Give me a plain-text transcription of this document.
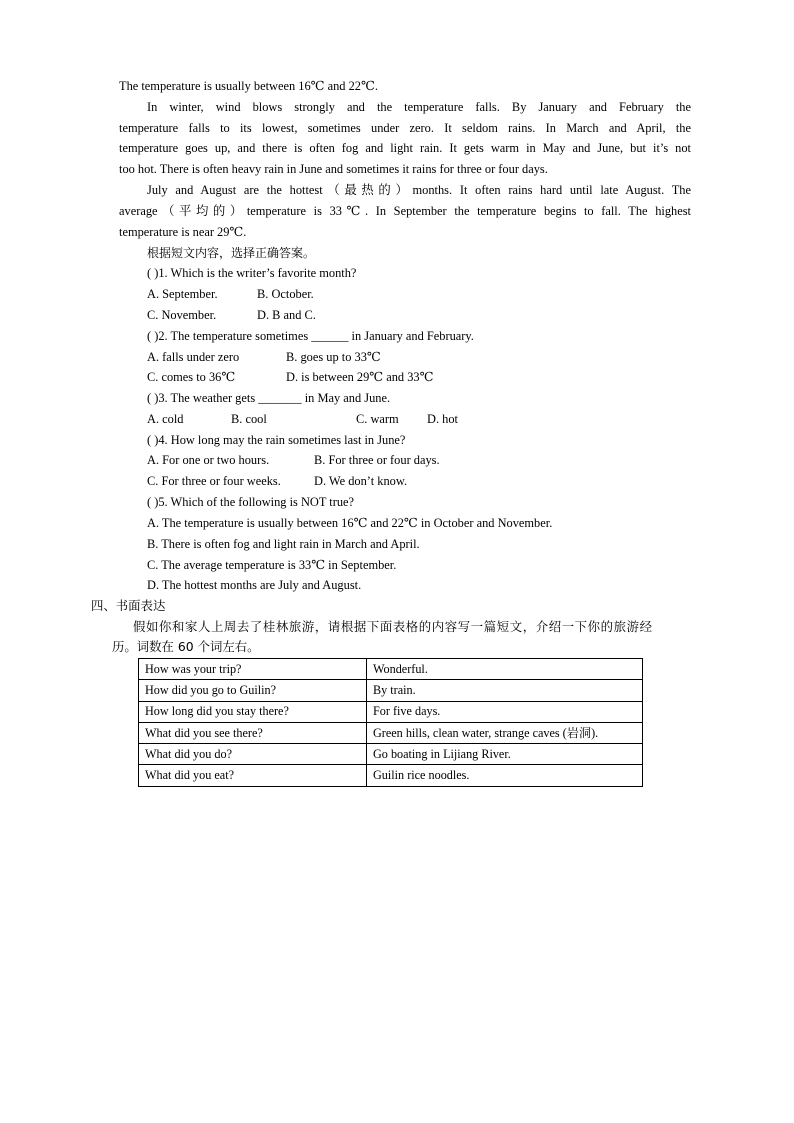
The temperature is usually between 16℃ and 22℃.
In winter, wind blows strongly and the temperature falls. By January and February the
temperature falls to its lowest, sometimes under zero. It seldom rains. In March and April, the
temperature goes up, and there is often fog and light rain. It gets warm in May and June, but it’s not
too hot. There is often heavy rain in June and sometimes it rains for three or four days.
July and August are the hottest（最热的）months. It often rains hard until late August. The
average（平均的）temperature is 33℃. In September the temperature begins to fall. The highest
temperature is near 29℃.
根据短文内容，选择正确答案。
( )1. Which is the writer’s favorite month?
A. September.	B. October.
C. November.	D. B and C.
( )2. The temperature sometimes ______ in January and February.
A. falls under zero	B. goes up to 33℃
C. comes to 36℃	D. is between 29℃ and 33℃
( )3. The weather gets _______ in May and June.
A. cold	B. cool	C. warm D. hot
( )4. How long may the rain sometimes last in June?
A. For one or two hours.	B. For three or four days.
C. For three or four weeks.	D. We don’t know.
( )5. Which of the following is NOT true?
A. The temperature is usually between 16℃ and 22℃ in October and November.
B. There is often fog and light rain in March and April.
C. The average temperature is 33℃ in September.
D. The hottest months are July and August.
四、书面表达
假如你和家人上周去了桂林旅游，请根据下面表格的内容写一篇短文，介绍一下你的旅游经
历。词数在 60 个词左右。
How was your trip?	Wonderful.
How did you go to Guilin?	By train.
How long did you stay there?	For five days.
What did you see there?	Green hills, clean water, strange caves (岩洞).
What did you do?	Go boating in Lijiang River.
What did you eat?	Guilin rice noodles.
